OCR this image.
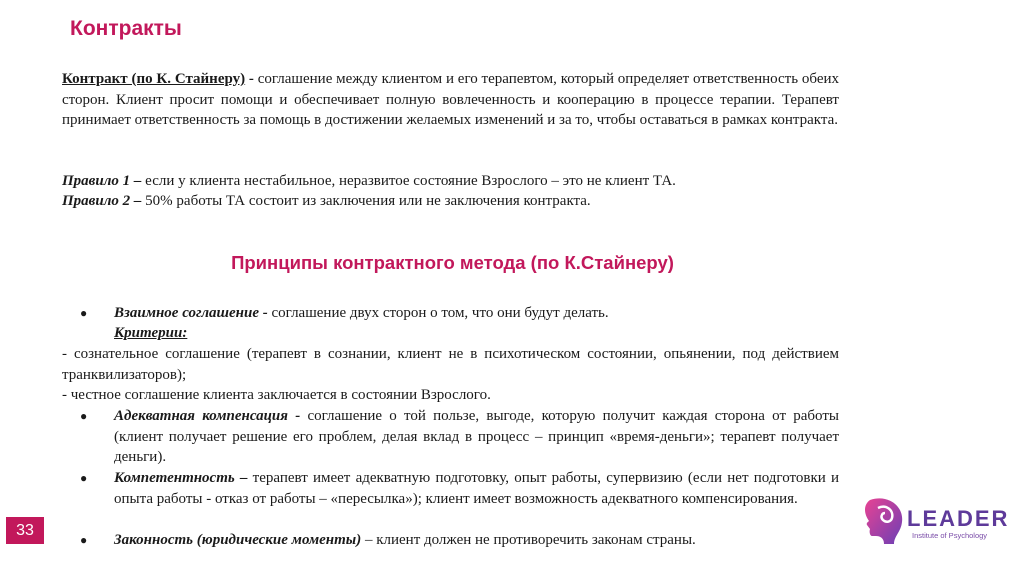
Контракты
Контракт (по К. Стайнеру) - соглашение между клиентом и его терапевтом, который определяет ответственность обеих сторон. Клиент просит помощи и обеспечивает полную вовлеченность и кооперацию в процессе терапии. Терапевт принимает ответственность за помощь в достижении желаемых изменений и за то, чтобы оставаться в рамках контракта.
Правило 1 – если у клиента нестабильное, неразвитое состояние Взрослого – это не клиент ТА.
Правило 2 – 50% работы ТА состоит из заключения или не заключения контракта.
Принципы контрактного метода (по К.Стайнеру)
● Взаимное соглашение - соглашение двух сторон о том, что они будут делать.
Критерии:
- сознательное соглашение (терапевт в сознании, клиент не в психотическом состоянии, опьянении, под действием транквилизаторов);
- честное соглашение клиента заключается в состоянии Взрослого.
● Адекватная компенсация - соглашение о той пользе, выгоде, которую получит каждая сторона от работы (клиент получает решение его проблем, делая вклад в процесс – принцип «время-деньги»; терапевт получает деньги).
● Компетентность – терапевт имеет адекватную подготовку, опыт работы, супервизию (если нет подготовки и опыта работы - отказ от работы – «пересылка»); клиент имеет возможность адекватного компенсирования.
● Законность (юридические моменты) – клиент должен не противоречить законам страны.
33	LEADER
Institute of Psychology
